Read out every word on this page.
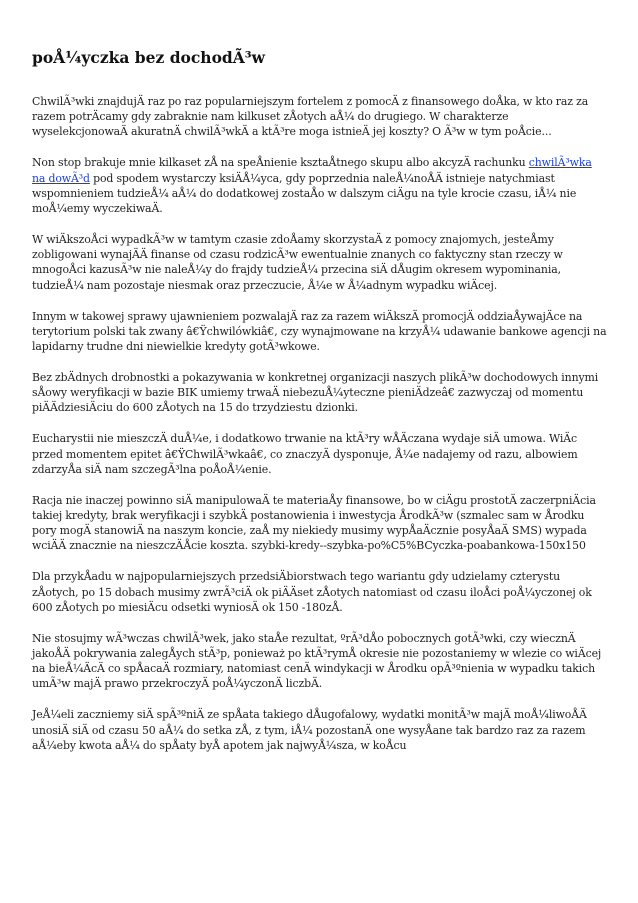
poÅ¼yczka bez dochodÃ³w

ChwilÃ³wki znajdujÄ raz po raz popularniejszym fortelem z pomocÄ z finansowego doÅka, w kto raz za razem potrÄcamy gdy zabraknie nam kilkuset zÅotych aÅ¼ do drugiego. W charakterze wyselekcjonowaÄ akuratnÄ chwilÃ³wkÄ a ktÃ³re moga istnieÄ jej koszty? O Ã³w w tym poÅcie...

Non stop brakuje mnie kilkaset zÅ na speÅnienie ksztaÅtnego skupu albo akcyzÄ rachunku chwilÃ³wka na dowÃ³d pod spodem wystarczy ksiÄÅ¼yca, gdy poprzednia naleÅ¼noÅÄ istnieje natychmiast wspomnieniem tudzieÅ¼ aÅ¼ do dodatkowej zostaÅo w dalszym ciÄgu na tyle krocie czasu, iÅ¼ nie moÅ¼emy wyczekiwaÄ.

W wiÄkszoÅci wypadkÃ³w w tamtym czasie zdoÅamy skorzystaÄ z pomocy znajomych, jesteÅmy zobligowani wynajÄÄ finanse od czasu rodzicÃ³w ewentualnie znanych co faktyczny stan rzeczy w mnogoÅci kazusÃ³w nie naleÅ¼y do frajdy tudzieÅ¼ przecina siÄ dÅugim okresem wypominania, tudzieÅ¼ nam pozostaje niesmak oraz przeczucie, Å¼e w Å¼adnym wypadku wiÄcej.

Innym w takowej sprawy ujawnieniem pozwalajÄ raz za razem wiÄkszÄ promocjÄ oddziaÅywajÄce na terytorium polski tak zwany â€Ÿchwilówkiâ€, czy wynajmowane na krzyÅ¼ udawanie bankowe agencji na lapidarny trudne dni niewielkie kredyty gotÃ³wkowe.

Bez zbÄdnych drobnostki a pokazywania w konkretnej organizacji naszych plikÃ³w dochodowych innymi sÅowy weryfikacji w bazie BIK umiemy trwaÄ niebezuÅ¼yteczne pieniÄdzeâ€ zazwyczaj od momentu piÄÄdziesiÄciu do 600 zÅotych na 15 do trzydziestu dzionki.

Eucharystii nie mieszczÄ duÅ¼e, i dodatkowo trwanie na ktÃ³ry wÅÄczana wydaje siÄ umowa. WiÄc przed momentem epitet â€ŸChwilÃ³wkaâ€, co znaczyÄ dysponuje, Å¼e nadajemy od razu, albowiem zdarzyÅa siÄ nam szczegÃ³lna poÅoÅ¼enie.

Racja nie inaczej powinno siÄ manipulowaÄ te materiaÅy finansowe, bo w ciÄgu prostotÄ zaczerpniÄcia takiej kredyty, brak weryfikacji i szybkÄ postanowienia i inwestycja ÅrodkÃ³w (szmalec sam w Årodku pory mogÄ stanowiÄ na naszym koncie, zaÅ my niekiedy musimy wypÅaÄcznie posyÅaÄ SMS) wypada wciÄÄ znacznie na nieszczÄÅcie koszta. szybki-kredy--szybka-po%C5%BCyczka-poabankowa-150x150

Dla przykÅadu w najpopularniejszych przedsiÄbiorstwach tego wariantu gdy udzielamy czterystu zÅotych, po 15 dobach musimy zwrÃ³ciÄ ok piÄÄset zÅotych natomiast od czasu iloÅci poÅ¼yczonej ok 600 zÅotych po miesiÄcu odsetki wyniosÄ ok 150 -180zÅ.

Nie stosujmy wÃ³wczas chwilÃ³wek, jako staÅe rezultat, ºrÃ³dÅo pobocznych gotÃ³wki, czy wiecznÄ jakoÅÄ pokrywania zalegÅych stÃ³p, ponieważ po ktÃ³rymÅ okresie nie pozostaniemy w wlezie co wiÄcej na bieÅ¼ÄcÄ co spÅacaÄ rozmiary, natomiast cenÄ windykacji w Årodku opÃ³ºnienia w wypadku takich umÃ³w majÄ prawo przekroczyÄ poÅ¼yczonÄ liczbÄ.

JeÅ¼eli zaczniemy siÄ spÃ³ºniÄ ze spÅata takiego dÅugofalowy, wydatki monitÃ³w majÄ moÅ¼liwoÅÄ unosiÄ siÄ od czasu 50 aÅ¼ do setka zÅ, z tym, iÅ¼ pozostanÄ one wysyÅane tak bardzo raz za razem aÅ¼eby kwota aÅ¼ do spÅaty byÅ apotem jak najwyÅ¼sza, w koÅcu
